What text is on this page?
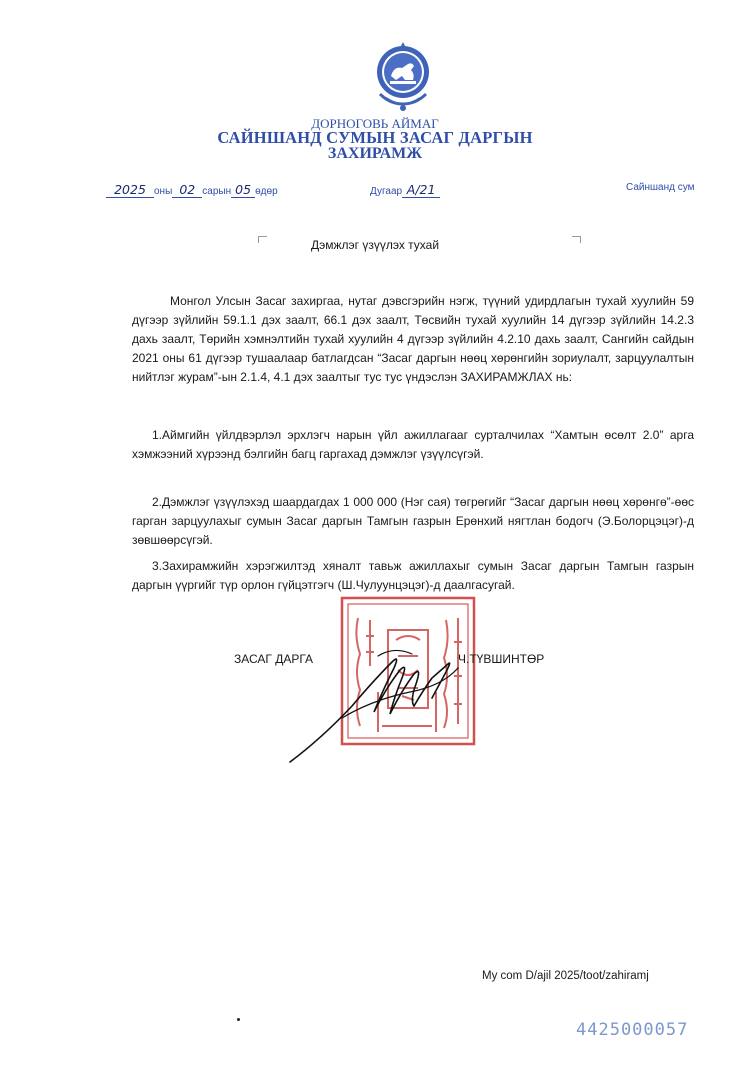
ДОРНОГОВЬ АЙМАГ
САЙНШАНД СУМЫН ЗАСАГ ДАРГЫН
ЗАХИРАМЖ
2025 оны 02 сарын 05 өдөр	Дугаар А/21	Сайншанд сум
Дэмжлэг үзүүлэх тухай
Монгол Улсын Засаг захиргаа, нутаг дэвсгэрийн нэгж, түүний удирдлагын тухай хуулийн 59 дүгээр зүйлийн 59.1.1 дэх заалт, 66.1 дэх заалт, Төсвийн тухай хуулийн 14 дүгээр зүйлийн 14.2.3 дахь заалт, Төрийн хэмнэлтийн тухай хуулийн 4 дүгээр зүйлийн 4.2.10 дахь заалт, Сангийн сайдын 2021 оны 61 дүгээр тушаалаар батлагдсан “Засаг даргын нөөц хөрөнгийн зориулалт, зарцуулалтын нийтлэг журам”-ын 2.1.4, 4.1 дэх заалтыг тус тус үндэслэн ЗАХИРАМЖЛАХ нь:
1.Аймгийн үйлдвэрлэл эрхлэгч нарын үйл ажиллагааг сурталчилах “Хамтын өсөлт 2.0” арга хэмжээний хүрээнд бэлгийн багц гаргахад дэмжлэг үзүүлсүгэй.
2.Дэмжлэг үзүүлэхэд шаардагдах 1 000 000 (Нэг сая) төгрөгийг “Засаг даргын нөөц хөрөнгө”-өөс гарган зарцуулахыг сумын Засаг даргын Тамгын газрын Ерөнхий нягтлан бодогч (Э.Болорцэцэг)-д зөвшөөрсүгэй.
3.Захирамжийн хэрэгжилтэд хяналт тавьж ажиллахыг сумын Засаг даргын Тамгын газрын даргын үүргийг түр орлон гүйцэтгэгч (Ш.Чулуунцэцэг)-д даалгасугай.
ЗАСАГ ДАРГА	Ч.ТҮВШИНТӨР
My com D/ajil 2025/toot/zahiramj
4425000057
